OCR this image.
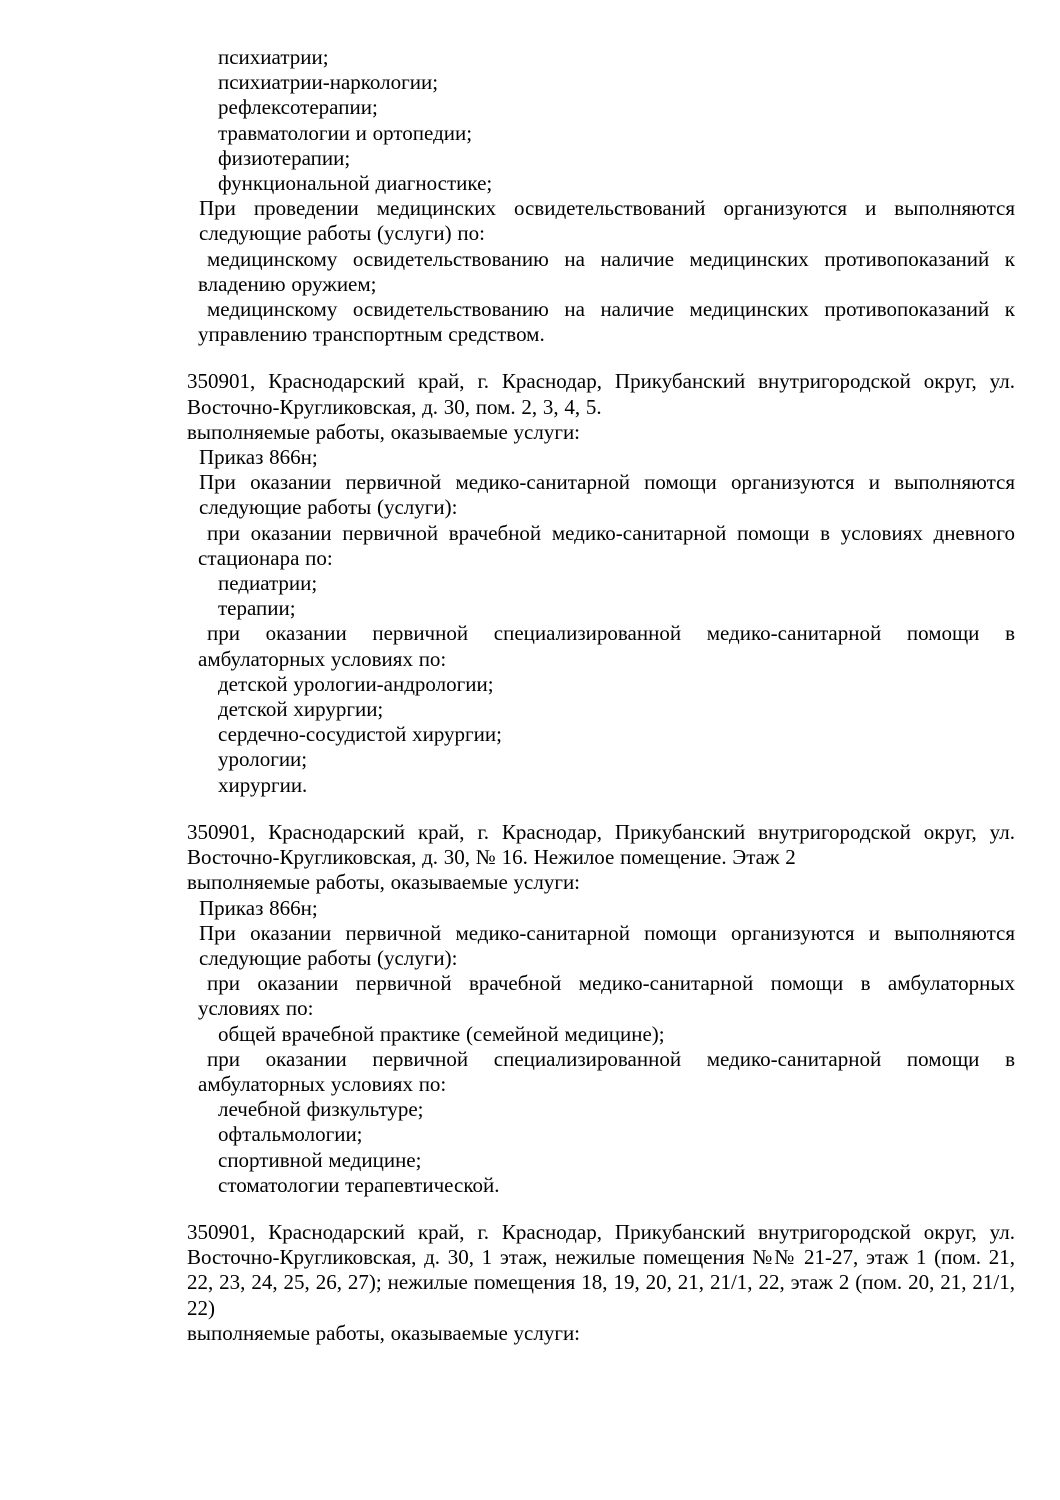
психиатрии;

психиатрии-наркологии;

рефлексотерапии;

травматологии и ортопедии;

физиотерапии;

функциональной диагностике;

При проведении медицинских освидетельствований организуются и выполняются следующие работы (услуги) по:

медицинскому освидетельствованию на наличие медицинских противопоказаний к владению оружием;

медицинскому освидетельствованию на наличие медицинских противопоказаний к управлению транспортным средством.

350901, Краснодарский край, г. Краснодар, Прикубанский внутригородской округ, ул. Восточно-Кругликовская, д. 30, пом. 2, 3, 4, 5.

выполняемые работы, оказываемые услуги:

Приказ 866н;

При оказании первичной медико-санитарной помощи организуются и выполняются следующие работы (услуги):

при оказании первичной врачебной медико-санитарной помощи в условиях дневного стационара по:

педиатрии;

терапии;

при оказании первичной специализированной медико-санитарной помощи в амбулаторных условиях по:

детской урологии-андрологии;

детской хирургии;

сердечно-сосудистой хирургии;

урологии;

хирургии.

350901, Краснодарский край, г. Краснодар, Прикубанский внутригородской округ, ул. Восточно-Кругликовская, д. 30, № 16. Нежилое помещение. Этаж 2

выполняемые работы, оказываемые услуги:

Приказ 866н;

При оказании первичной медико-санитарной помощи организуются и выполняются следующие работы (услуги):

при оказании первичной врачебной медико-санитарной помощи в амбулаторных условиях по:

общей врачебной практике (семейной медицине);

при оказании первичной специализированной медико-санитарной помощи в амбулаторных условиях по:

лечебной физкультуре;

офтальмологии;

спортивной медицине;

стоматологии терапевтической.

350901, Краснодарский край, г. Краснодар, Прикубанский внутригородской округ, ул. Восточно-Кругликовская, д. 30, 1 этаж, нежилые помещения №№ 21-27, этаж 1 (пом. 21, 22, 23, 24, 25, 26, 27); нежилые помещения 18, 19, 20, 21, 21/1, 22, этаж 2 (пом. 20, 21, 21/1, 22)

выполняемые работы, оказываемые услуги:
